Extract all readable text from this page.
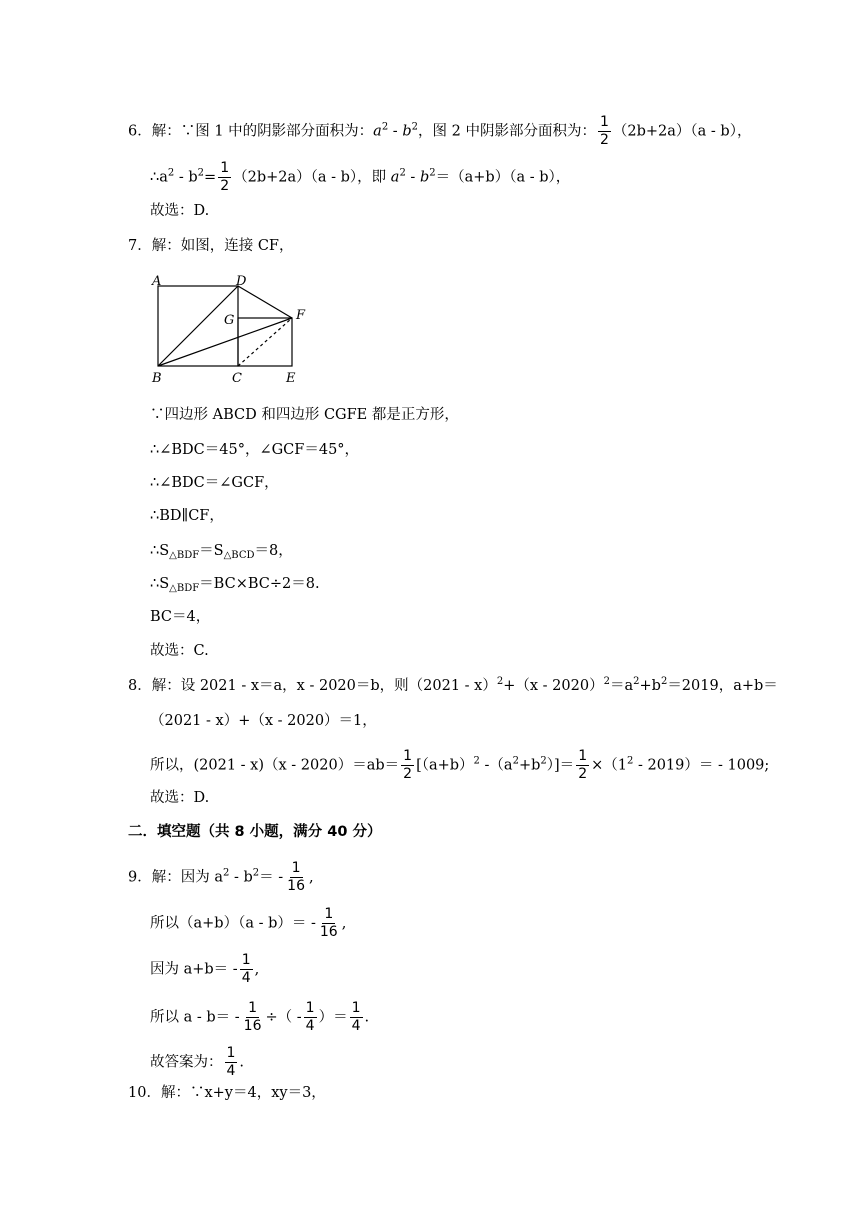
6．解：∵图 1 中的阴影部分面积为：$a^2 - b^2$，图 2 中阴影部分面积为： $\frac{1}{2} (2b+2a)(a - b)$，
$\therefore a^2 - b^2= \frac{1}{2} (2b+2a)(a - b)$，即 $a^2 - b^2=(a+b)(a - b)$，
故选：D.
7．解：如图，连接 CF，
A	D
G	F
B	C	E
∵四边形 ABCD 和四边形 CGFE 都是正方形，
∴∠BDC＝45°，∠GCF＝45°，
∴∠BDC＝∠GCF，
∴BD∥CF，
$\therefore S_{\triangle BDF}=S_{\triangle BCD}=8$，
$\therefore S_{\triangle BDF}=BC\times BC\div 2=8$.
BC＝4，
故选：C.
8．解：设 2021 - x＝a，x - 2020＝b，则$(2021 - x)^2+(x - 2020)^2=a^2+b^2=2019$，a+b＝
（2021 - x）+（x - 2020）＝1，
所以，$(2021 - x)(x - 2020)=ab= \frac{1}{2} [(a+b)^2$ $-(a^2+b^2)]= \frac{1}{2} \times(1^2 - 2019)= - 1009$;
故选：D.
二．填空题（共 8 小题，满分 40 分）
9．解：因为 $a^2 - b^2= - \frac{1}{16}$ ,
所以$(a+b)(a - b)= - \frac{1}{16}$ ,
因为 $a+b= - \frac{1}{4}$ ,
所以 $a - b= - \frac{1}{16}$ ÷（ - $\frac{1}{4}$ ）＝ $\frac{1}{4}$ .
故答案为： $\frac{1}{4}$ .
10．解：∵x+y＝4，xy＝3，
